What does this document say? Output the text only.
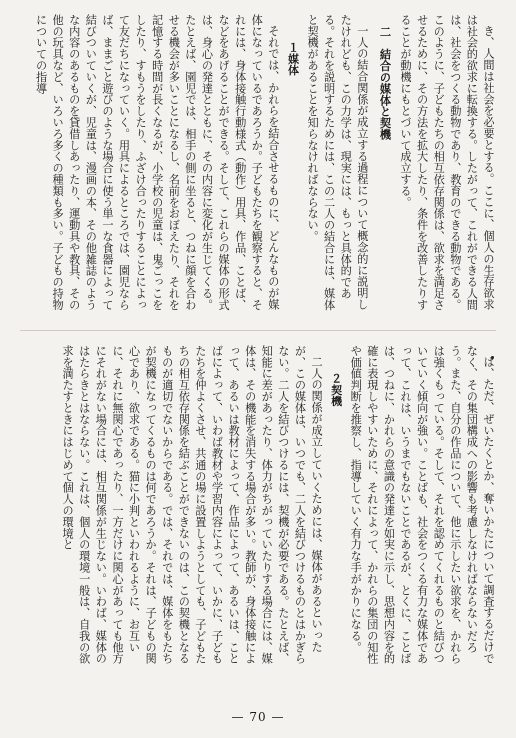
き、人間は社会を必要とする。ここに、個人の生存欲求は社会的欲求に転換する。したがって、これができる人間は、社会をつくる動物であり、教育のできる動物である。このように、子どもたちの相互依存関係は、欲求を満足させるために、その方法を拡大したり、条件を改善したりすることが動機にもとづいて成立する。
二　結合の媒体と契機
一人の結合関係が成立する過程について概念的に説明したけれども、この力学は、現実には、もっと具体的である。それを説明するためには、この二人の結合には、媒体と契機があることを知らなければならない。
１媒体
それでは、かれらを結合させるものに、どんなものが媒体になっているであろうか。子どもたちを観察すると、それには、身体接触行動様式（動作）用具、作品、ことば、などをあげることができる。そして、これらの媒体の形式は、身心の発達とともに、その内容に変化が生じてくる。たとえば、園児では、相手の側に坐ると、つねに顔を合わせる機会が多いことになるし、名前をおぼえたり、それを記憶する時間が長くなるが、小学校の児童は、鬼ごっこをしたり、すもうをしたり、ふざけ合ったりすることによって友だちになっていく。用具によるところでは、園児ならば、ままごと遊びのような場合に使う単一な食器によって結びついていくが、児童は、漫画の本、その他雑誌のような内容のあるものを貸借しあったり、運動具や教具、その他の玩具など、いろいろ多くの種類も多い。子どもの持物についての指導
は、ただ、ぜいたくとか、奪いかたについて調査するだけでなく、その集団構成への影響も考慮しなければならないだろう。また、自分の作品について、他に示したい欲求を、かれらは強くもっている。そして、それを認めてくれるものと結びついていく傾向が強い。ことばも、社会をつくる有力な媒体であって、これは、いうまでもないことであるが、とくに、ことばは、つねに、かれらの意識の発達を如実に示し、思想内容を的確に表現しやすいために、それによって、かれらの集団の知性や価値判断を推察し、指導していく有力な手がかりになる。
２契機
二人の関係が成立していくためには、媒体があるといったが、この媒体は、いつでも、二人を結びつけるものとはかぎらない。二人を結びつけるには、契機が必要である。たとえば、知能に差があったり、体力がちがっていたりする場合には、媒体は、その機能を消失する場合が多い。教師が、身体接触によって、あるいは教材によって、作品によって、あるいは、ことばによって、いわば教材や学習内容によって、いかに、子どもたちを仲よくさせ、共通の場に設置しようとしても、子どもたちの相互依存関係を結ぶことができないのは、この契機となるものが適切でないからである。では、それでは、媒体をもたちが契機になってくるものは何であろうか。それは、子どもの関心であり、欲求である。猫に小判といわれるように、お互いに、それに無関心であったり、一方だけに関心があっても他方にそれがない場合には、相互関係が生じない。いわば、媒体のはたらきとはならない。これは、個人の環境一般は、自我の欲求を満たすときにはじめて個人の環境と
— 70 —
